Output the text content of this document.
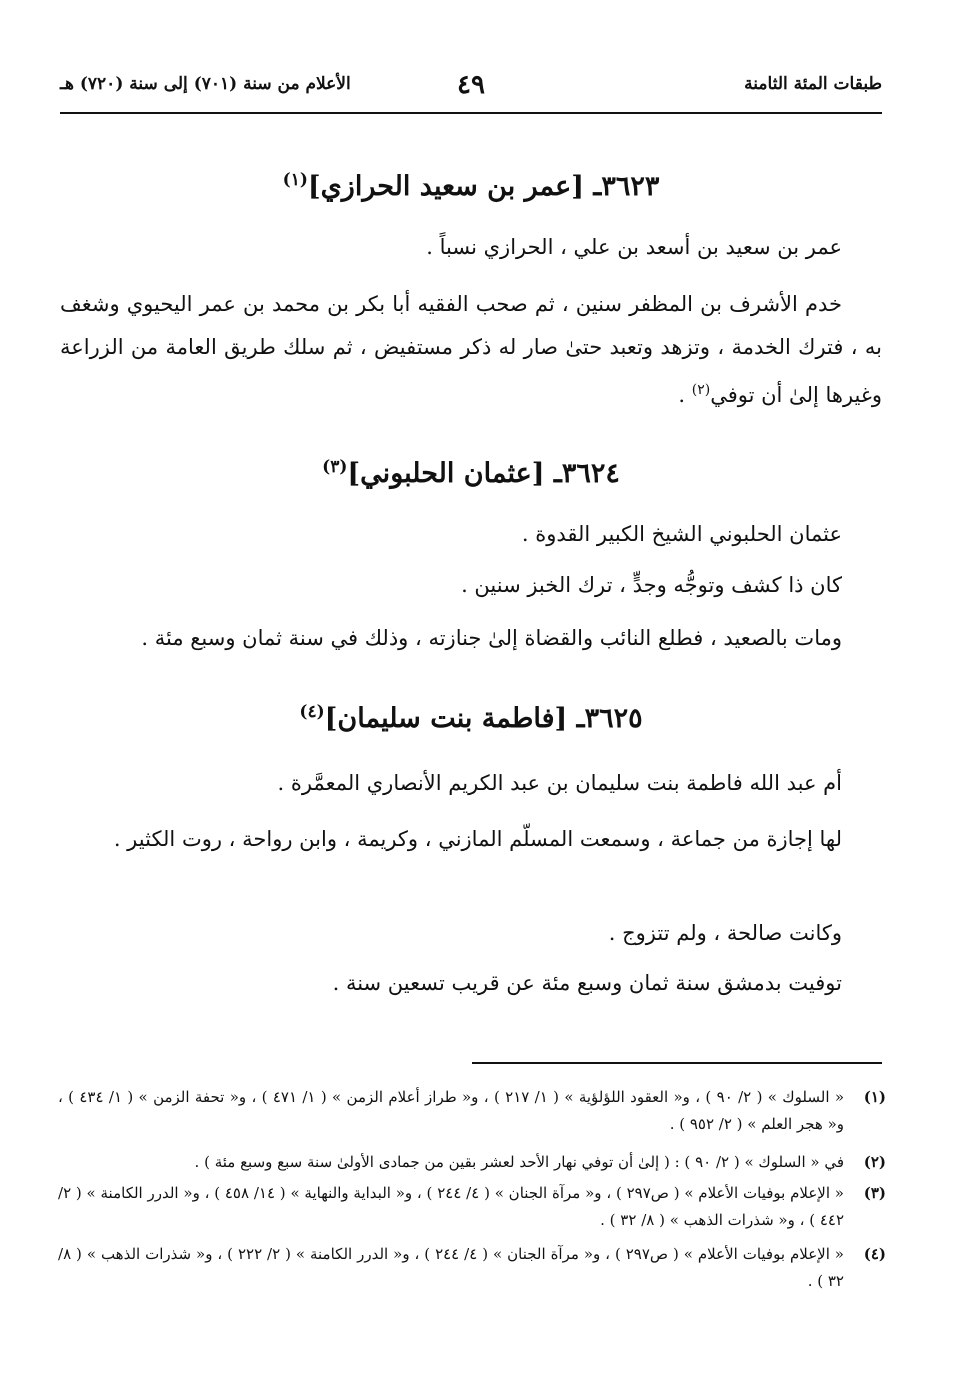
طبقات المئة الثامنة
٤٩
الأعلام من سنة (٧٠١) إلى سنة (٧٢٠) هـ
٣٦٢٣ـ [عمر بن سعيد الحرازي]$^{(١)}$

عمر بن سعيد بن أسعد بن علي ، الحرازي نسباً .

خدم الأشرف بن المظفر سنين ، ثم صحب الفقيه أبا بكر بن محمد بن عمر اليحيوي وشغف به ، فترك الخدمة ، وتزهد وتعبد حتىٰ صار له ذكر مستفيض ، ثم سلك طريق العامة من الزراعة وغيرها إلىٰ أن توفي$^{(٢)}$ .

٣٦٢٤ـ [عثمان الحلبوني]$^{(٣)}$

عثمان الحلبوني الشيخ الكبير القدوة .

كان ذا كشف وتوجُّه وجدٍّ ، ترك الخبز سنين .

ومات بالصعيد ، فطلع النائب والقضاة إلىٰ جنازته ، وذلك في سنة ثمان وسبع مئة .

٣٦٢٥ـ [فاطمة بنت سليمان]$^{(٤)}$

أم عبد الله فاطمة بنت سليمان بن عبد الكريم الأنصاري المعمَّرة .

لها إجازة من جماعة ، وسمعت المسلّم المازني ، وكريمة ، وابن رواحة ، روت الكثير .

وكانت صالحة ، ولم تتزوج .

توفيت بدمشق سنة ثمان وسبع مئة عن قريب تسعين سنة .

(١)
« السلوك » ( ٢/ ٩٠ ) ، و« العقود اللؤلؤية » ( ١/ ٢١٧ ) ، و« طراز أعلام الزمن » ( ١/ ٤٧١ ) ، و« تحفة الزمن » ( ١/ ٤٣٤ ) ، و« هجر العلم » ( ٢/ ٩٥٢ ) .
(٢)
في « السلوك » ( ٢/ ٩٠ ) : ( إلىٰ أن توفي نهار الأحد لعشر بقين من جمادى الأولىٰ سنة سبع وسبع مئة ) .
(٣)
« الإعلام بوفيات الأعلام » ( ص٢٩٧ ) ، و« مرآة الجنان » ( ٤/ ٢٤٤ ) ، و« البداية والنهاية » ( ١٤/ ٤٥٨ ) ، و« الدرر الكامنة » ( ٢/ ٤٤٢ ) ، و« شذرات الذهب » ( ٨/ ٣٢ ) .
(٤)
« الإعلام بوفيات الأعلام » ( ص٢٩٧ ) ، و« مرآة الجنان » ( ٤/ ٢٤٤ ) ، و« الدرر الكامنة » ( ٢/ ٢٢٢ ) ، و« شذرات الذهب » ( ٨/ ٣٢ ) .
